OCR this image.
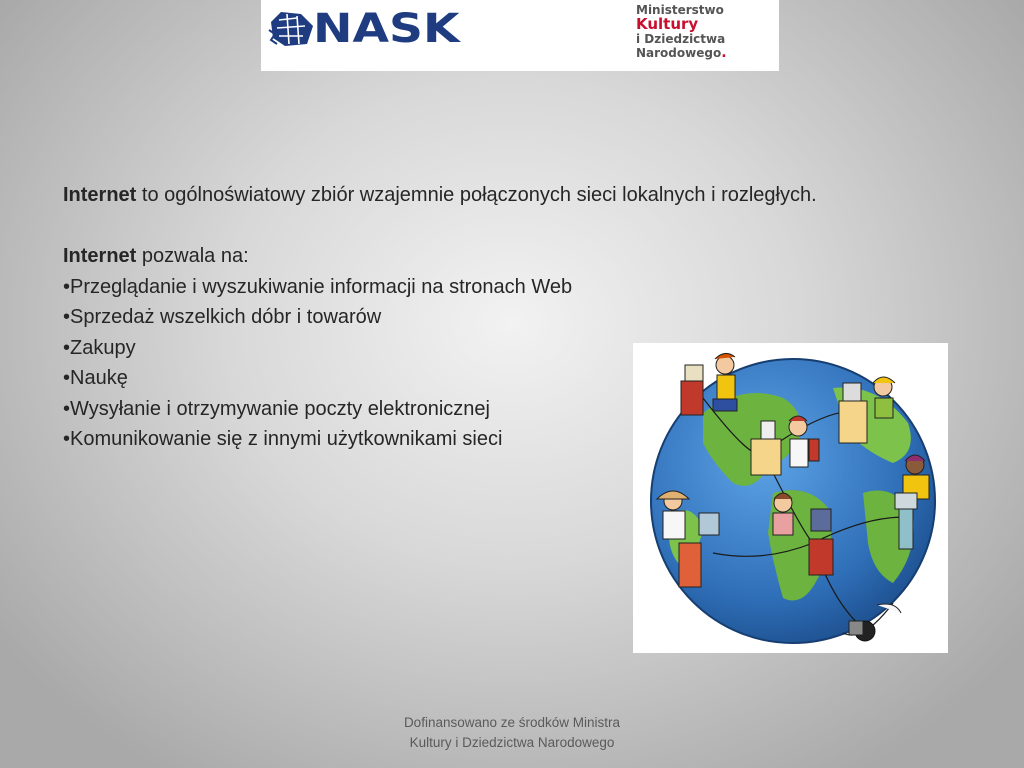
NASK	Ministerstwo
Kultury
i Dziedzictwa
Narodowego.

Internet to ogólnoświatowy zbiór wzajemnie połączonych sieci lokalnych i rozległych.

Internet pozwala na:

•Przeglądanie i wyszukiwanie informacji na stronach Web

•Sprzedaż wszelkich dóbr i towarów

•Zakupy

•Naukę

•Wysyłanie i otrzymywanie poczty elektronicznej

•Komunikowanie się z innymi użytkownikami sieci

Dofinansowano ze środków Ministra
Kultury i Dziedzictwa Narodowego
